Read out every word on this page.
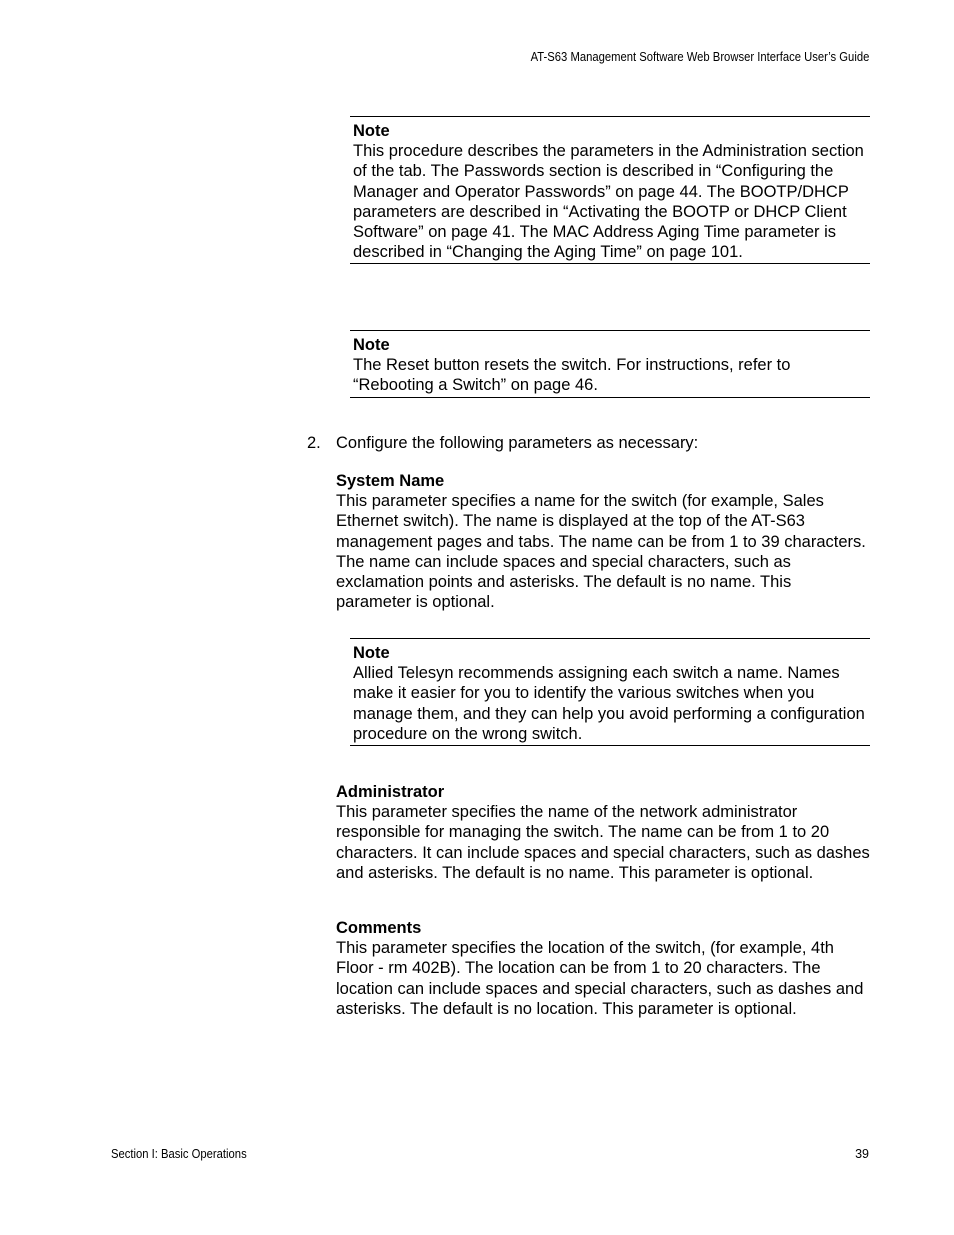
AT-S63 Management Software Web Browser Interface User’s Guide
Note
This procedure describes the parameters in the Administration section of the tab. The Passwords section is described in “Configuring the Manager and Operator Passwords” on page 44. The BOOTP/DHCP parameters are described in “Activating the BOOTP or DHCP Client Software” on page 41. The MAC Address Aging Time parameter is described in “Changing the Aging Time” on page 101.
Note
The Reset button resets the switch. For instructions, refer to “Rebooting a Switch” on page 46.
2. Configure the following parameters as necessary:
System Name
This parameter specifies a name for the switch (for example, Sales Ethernet switch). The name is displayed at the top of the AT-S63 management pages and tabs. The name can be from 1 to 39 characters. The name can include spaces and special characters, such as exclamation points and asterisks. The default is no name. This parameter is optional.
Note
Allied Telesyn recommends assigning each switch a name. Names make it easier for you to identify the various switches when you manage them, and they can help you avoid performing a configuration procedure on the wrong switch.
Administrator
This parameter specifies the name of the network administrator responsible for managing the switch. The name can be from 1 to 20 characters. It can include spaces and special characters, such as dashes and asterisks. The default is no name. This parameter is optional.
Comments
This parameter specifies the location of the switch, (for example, 4th Floor - rm 402B). The location can be from 1 to 20 characters. The location can include spaces and special characters, such as dashes and asterisks. The default is no location. This parameter is optional.
Section I: Basic Operations	39
